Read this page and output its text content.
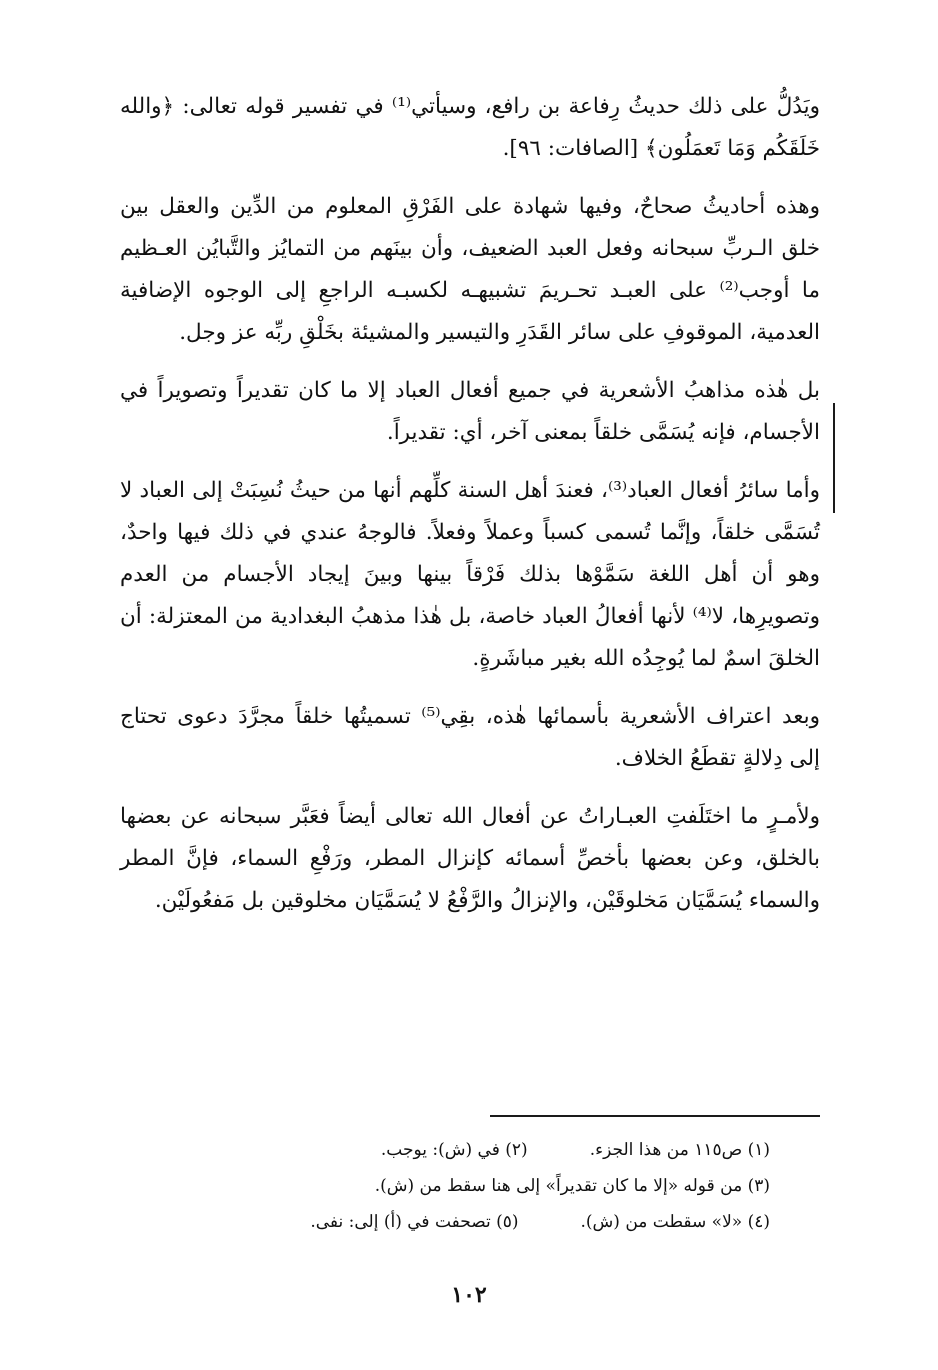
ويَدُلُّ على ذلك حديثُ رِفاعة بن رافع، وسيأتي⁽¹⁾ في تفسير قوله تعالى: ﴿والله خَلَقَكُم وَمَا تَعمَلُون﴾ [الصافات: ٩٦].

وهذه أحاديثُ صحاحٌ، وفيها شهادة على الفَرْقِ المعلوم من الدِّين والعقل بين خلق الـربِّ سبحانه وفعل العبد الضعيف، وأن بينَهم من التمايُز والتَّبايُن العـظيم ما أوجب⁽²⁾ على العبـد تحـريمَ تشبيهـه لكسبـه الراجعِ إلى الوجوه الإضافية العدمية، الموقوفِ على سائر القَدَرِ والتيسير والمشيئة بخَلْقِ ربِّه عز وجل.

بل هٰذه مذاهبُ الأشعرية في جميع أفعال العباد إلا ما كان تقديراً وتصويراً في الأجسام، فإنه يُسَمَّى خلقاً بمعنى آخر، أي: تقديراً.

وأما سائرُ أفعال العباد⁽³⁾، فعندَ أهل السنة كلِّهم أنها من حيثُ نُسِبَتْ إلى العباد لا تُسَمَّى خلقاً، وإنَّما تُسمى كسباً وعملاً وفعلاً. فالوجهُ عندي في ذلك فيها واحدٌ، وهو أن أهل اللغة سَمَّوْها بذلك فَرْقاً بينها وبينَ إيجاد الأجسام من العدم وتصويرِها، لا⁽⁴⁾ لأنها أفعالُ العباد خاصة، بل هٰذا مذهبُ البغدادية من المعتزلة: أن الخلقَ اسمٌ لما يُوجِدُه الله بغير مباشَرةٍ.

وبعد اعتراف الأشعرية بأسمائها هٰذه، بقِي⁽⁵⁾ تسميتُها خلقاً مجرَّدَ دعوى تحتاج إلى دِلالةٍ تقطَعُ الخلاف.

ولأمـرٍ ما اختَلَفتِ العبـاراتُ عن أفعال الله تعالى أيضاً فعَبَّر سبحانه عن بعضها بالخلق، وعن بعضها بأخصِّ أسمائه كإنزال المطر، ورَفْعِ السماء، فإنَّ المطر والسماء يُسَمَّيَان مَخلوقَيْن، والإنزالُ والرَّفْعُ لا يُسَمَّيَان مخلوقين بل مَفعُولَيْن.

(١) ص١١٥ من هذا الجزء.(٢) في (ش): يوجب.
(٣) من قوله «إلا ما كان تقديراً» إلى هنا سقط من (ش).
(٤) «لا» سقطت من (ش).(٥) تصحفت في (أ) إلى: نفى.
١٠٢
